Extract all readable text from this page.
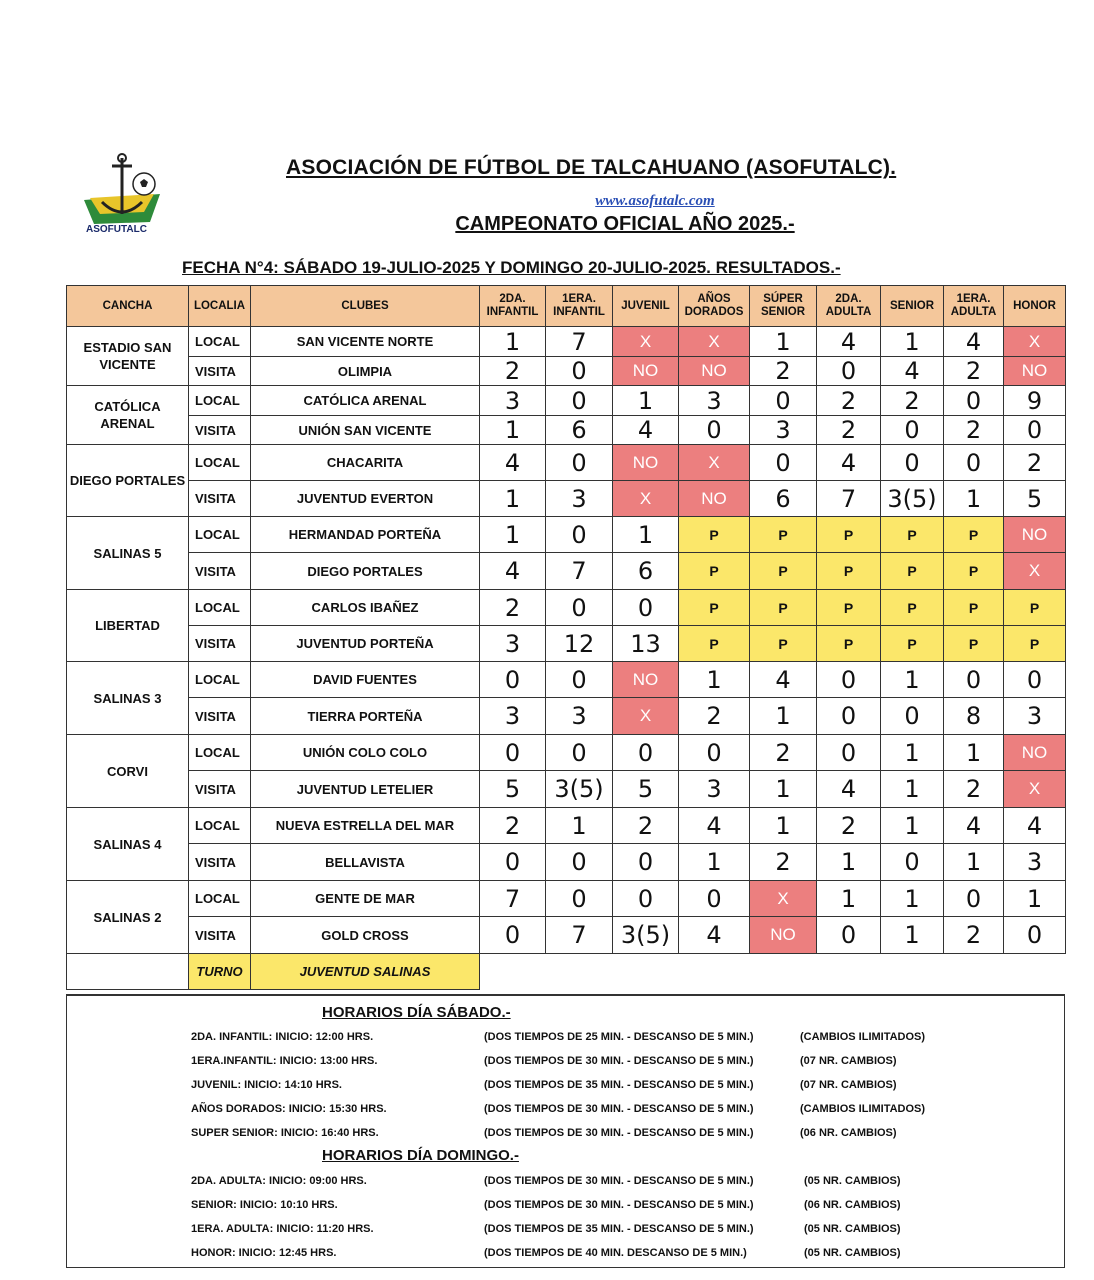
ASOFUTALC
ASOCIACIÓN DE FÚTBOL DE TALCAHUANO (ASOFUTALC).
www.asofutalc.com
CAMPEONATO OFICIAL AÑO 2025.-
FECHA N°4: SÁBADO 19-JULIO-2025 Y DOMINGO 20-JULIO-2025. RESULTADOS.-
CANCHA	LOCALIA	CLUBES	2DA. INFANTIL	1ERA. INFANTIL	JUVENIL	AÑOS DORADOS	SÚPER SENIOR	2DA. ADULTA	SENIOR	1ERA. ADULTA	HONOR
ESTADIO SAN VICENTE	LOCAL	SAN VICENTE NORTE	1	7	X	X	1	4	1	4	X
	VISITA	OLIMPIA	2	0	NO	NO	2	0	4	2	NO
CATÓLICA ARENAL	LOCAL	CATÓLICA ARENAL	3	0	1	3	0	2	2	0	9
	VISITA	UNIÓN SAN VICENTE	1	6	4	0	3	2	0	2	0
DIEGO PORTALES	LOCAL	CHACARITA	4	0	NO	X	0	4	0	0	2
	VISITA	JUVENTUD EVERTON	1	3	X	NO	6	7	3(5)	1	5
SALINAS 5	LOCAL	HERMANDAD PORTEÑA	1	0	1	P	P	P	P	P	NO
	VISITA	DIEGO PORTALES	4	7	6	P	P	P	P	P	X
LIBERTAD	LOCAL	CARLOS IBAÑEZ	2	0	0	P	P	P	P	P	P
	VISITA	JUVENTUD PORTEÑA	3	12	13	P	P	P	P	P	P
SALINAS 3	LOCAL	DAVID FUENTES	0	0	NO	1	4	0	1	0	0
	VISITA	TIERRA PORTEÑA	3	3	X	2	1	0	0	8	3
CORVI	LOCAL	UNIÓN COLO COLO	0	0	0	0	2	0	1	1	NO
	VISITA	JUVENTUD LETELIER	5	3(5)	5	3	1	4	1	2	X
SALINAS 4	LOCAL	NUEVA ESTRELLA DEL MAR	2	1	2	4	1	2	1	4	4
	VISITA	BELLAVISTA	0	0	0	1	2	1	0	1	3
SALINAS 2	LOCAL	GENTE DE MAR	7	0	0	0	X	1	1	0	1
	VISITA	GOLD CROSS	0	7	3(5)	4	NO	0	1	2	0
	TURNO	JUVENTUD SALINAS									
HORARIOS DÍA SÁBADO.-
2DA. INFANTIL: INICIO: 12:00 HRS.	(DOS TIEMPOS DE 25 MIN. - DESCANSO DE 5 MIN.)	(CAMBIOS ILIMITADOS)
1ERA.INFANTIL: INICIO: 13:00 HRS.	(DOS TIEMPOS DE 30 MIN. - DESCANSO DE 5 MIN.)	(07 NR. CAMBIOS)
JUVENIL: INICIO: 14:10 HRS.	(DOS TIEMPOS DE 35 MIN. - DESCANSO DE 5 MIN.)	(07 NR. CAMBIOS)
AÑOS DORADOS: INICIO: 15:30 HRS.	(DOS TIEMPOS DE 30 MIN. - DESCANSO DE 5 MIN.)	(CAMBIOS ILIMITADOS)
SUPER SENIOR: INICIO: 16:40 HRS.	(DOS TIEMPOS DE 30 MIN. - DESCANSO DE 5 MIN.)	(06 NR. CAMBIOS)
HORARIOS DÍA DOMINGO.-
2DA. ADULTA: INICIO: 09:00 HRS.	(DOS TIEMPOS DE 30 MIN. - DESCANSO DE 5 MIN.)	(05 NR. CAMBIOS)
SENIOR: INICIO: 10:10 HRS.	(DOS TIEMPOS DE 30 MIN. - DESCANSO DE 5 MIN.)	(06 NR. CAMBIOS)
1ERA. ADULTA: INICIO: 11:20 HRS.	(DOS TIEMPOS DE 35 MIN. - DESCANSO DE 5 MIN.)	(05 NR. CAMBIOS)
HONOR: INICIO: 12:45 HRS.	(DOS TIEMPOS DE 40 MIN. DESCANSO DE 5 MIN.)	(05 NR. CAMBIOS)
